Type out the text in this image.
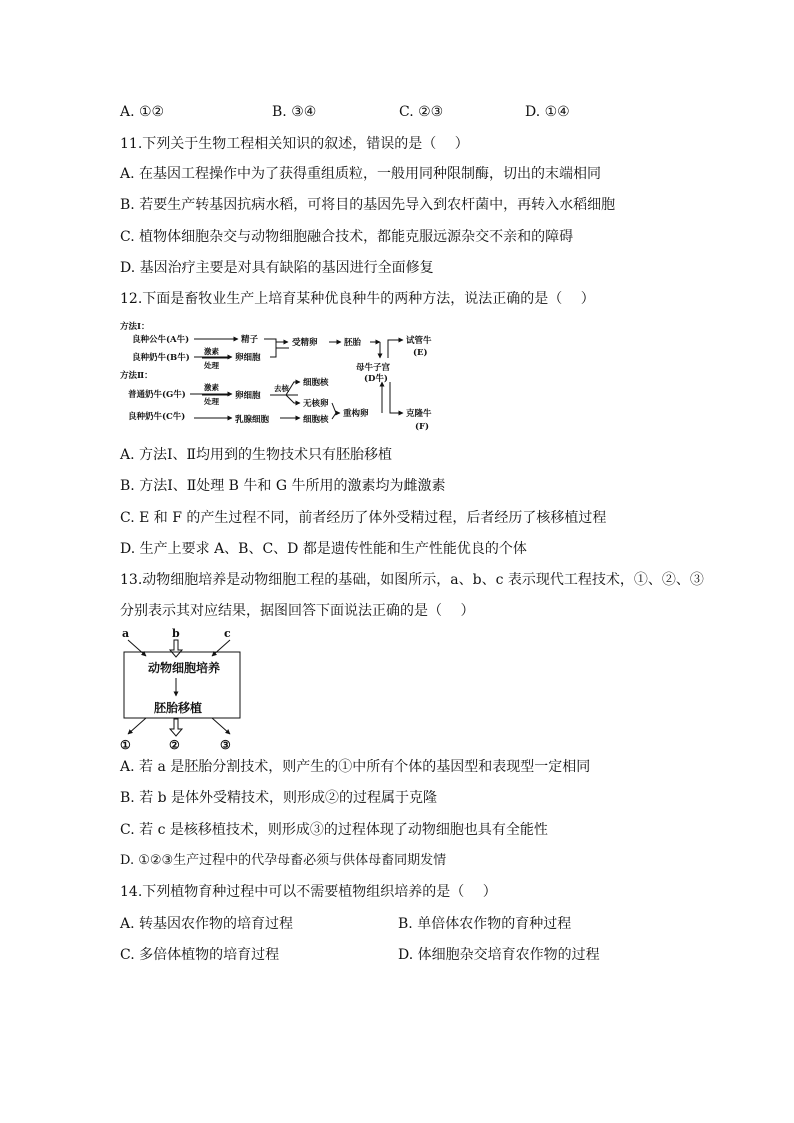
A. ①②	B. ③④	C. ②③	D. ①④
11.下列关于生物工程相关知识的叙述，错误的是（　 ）
A. 在基因工程操作中为了获得重组质粒，一般用同种限制酶，切出的末端相同
B. 若要生产转基因抗病水稻，可将目的基因先导入到农杆菌中，再转入水稻细胞
C. 植物体细胞杂交与动物细胞融合技术，都能克服远源杂交不亲和的障碍
D. 基因治疗主要是对具有缺陷的基因进行全面修复
12.下面是畜牧业生产上培育某种优良种牛的两种方法，说法正确的是（　 ）
方法Ⅰ：
良种公牛(A牛)
良种奶牛(B牛)
激素
处理
精子
卵细胞
受精卵	胚胎	试管牛
(E)
母牛子宫
(D牛)
方法Ⅱ：
普通奶牛(G牛)
良种奶牛(C牛)
激素
处理
卵细胞
去核
细胞核
无核卵
细胞核
乳腺细胞
重构卵	克隆牛
(F)
A. 方法Ⅰ、Ⅱ均用到的生物技术只有胚胎移植
B. 方法Ⅰ、Ⅱ处理 B 牛和 G 牛所用的激素均为雌激素
C. E 和 F 的产生过程不同，前者经历了体外受精过程，后者经历了核移植过程
D. 生产上要求 A、B、C、D 都是遗传性能和生产性能优良的个体
13.动物细胞培养是动物细胞工程的基础，如图所示，a、b、c 表示现代工程技术，①、②、③
分别表示其对应结果，据图回答下面说法正确的是（　 ）
a	b	c
动物细胞培养
胚胎移植
①	②	③
A. 若 a 是胚胎分割技术，则产生的①中所有个体的基因型和表现型一定相同
B. 若 b 是体外受精技术，则形成②的过程属于克隆
C. 若 c 是核移植技术，则形成③的过程体现了动物细胞也具有全能性
D. ①②③生产过程中的代孕母畜必须与供体母畜同期发情
14.下列植物育种过程中可以不需要植物组织培养的是（　 ）
A. 转基因农作物的培育过程	B. 单倍体农作物的育种过程
C. 多倍体植物的培育过程	D. 体细胞杂交培育农作物的过程
